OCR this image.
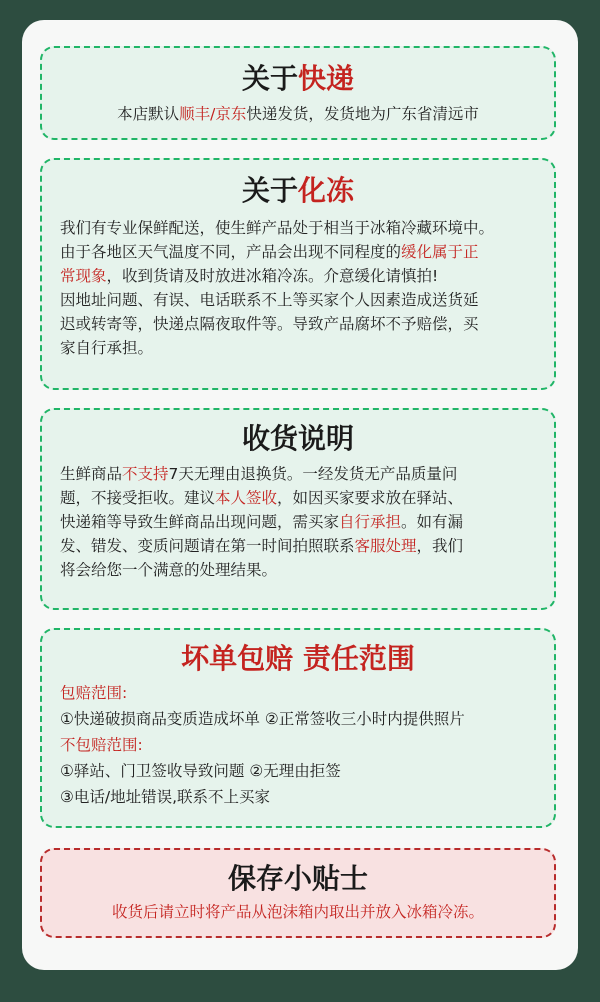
关于快递
本店默认顺丰/京东快递发货，发货地为广东省清远市
关于化冻
我们有专业保鲜配送，使生鲜产品处于相当于冰箱冷藏环境中。
由于各地区天气温度不同，产品会出现不同程度的缓化属于正
常现象，收到货请及时放进冰箱冷冻。介意缓化请慎拍!
因地址问题、有误、电话联系不上等买家个人因素造成送货延
迟或转寄等，快递点隔夜取件等。导致产品腐坏不予赔偿，买
家自行承担。
收货说明
生鲜商品不支持7天无理由退换货。一经发货无产品质量问
题，不接受拒收。建议本人签收，如因买家要求放在驿站、
快递箱等导致生鲜商品出现问题，需买家自行承担。如有漏
发、错发、变质问题请在第一时间拍照联系客服处理，我们
将会给您一个满意的处理结果。
坏单包赔 责任范围
包赔范围:
①快递破损商品变质造成坏单 ②正常签收三小时内提供照片
不包赔范围:
①驿站、门卫签收导致问题 ②无理由拒签
③电话/地址错误,联系不上买家
保存小贴士
收货后请立时将产品从泡沫箱内取出并放入冰箱冷冻。
